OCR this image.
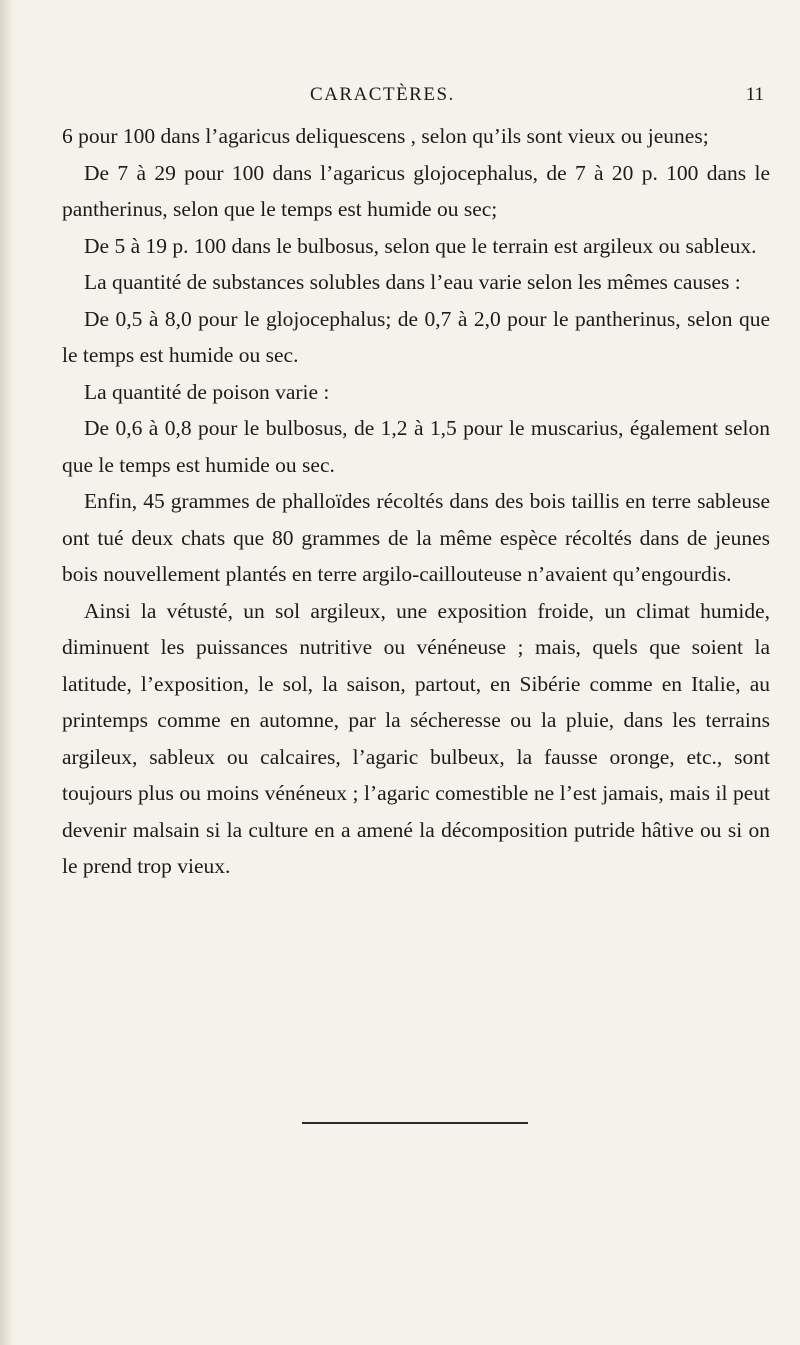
CARACTÈRES.	11

6 pour 100 dans l’agaricus deliquescens , selon qu’ils sont vieux ou jeunes;

De 7 à 29 pour 100 dans l’agaricus glojocephalus, de 7 à 20 p. 100 dans le pantherinus, selon que le temps est humide ou sec;

De 5 à 19 p. 100 dans le bulbosus, selon que le terrain est argileux ou sableux.

La quantité de substances solubles dans l’eau varie selon les mêmes causes :

De 0,5 à 8,0 pour le glojocephalus; de 0,7 à 2,0 pour le pantherinus, selon que le temps est humide ou sec.

La quantité de poison varie :

De 0,6 à 0,8 pour le bulbosus, de 1,2 à 1,5 pour le muscarius, également selon que le temps est humide ou sec.

Enfin, 45 grammes de phalloïdes récoltés dans des bois taillis en terre sableuse ont tué deux chats que 80 grammes de la même espèce récoltés dans de jeunes bois nouvellement plantés en terre argilo-caillouteuse n’avaient qu’engourdis.

Ainsi la vétusté, un sol argileux, une exposition froide, un climat humide, diminuent les puissances nutritive ou vénéneuse ; mais, quels que soient la latitude, l’exposition, le sol, la saison, partout, en Sibérie comme en Italie, au printemps comme en automne, par la sécheresse ou la pluie, dans les terrains argileux, sableux ou calcaires, l’agaric bulbeux, la fausse oronge, etc., sont toujours plus ou moins vénéneux ; l’agaric comestible ne l’est jamais, mais il peut devenir malsain si la culture en a amené la décomposition putride hâtive ou si on le prend trop vieux.
